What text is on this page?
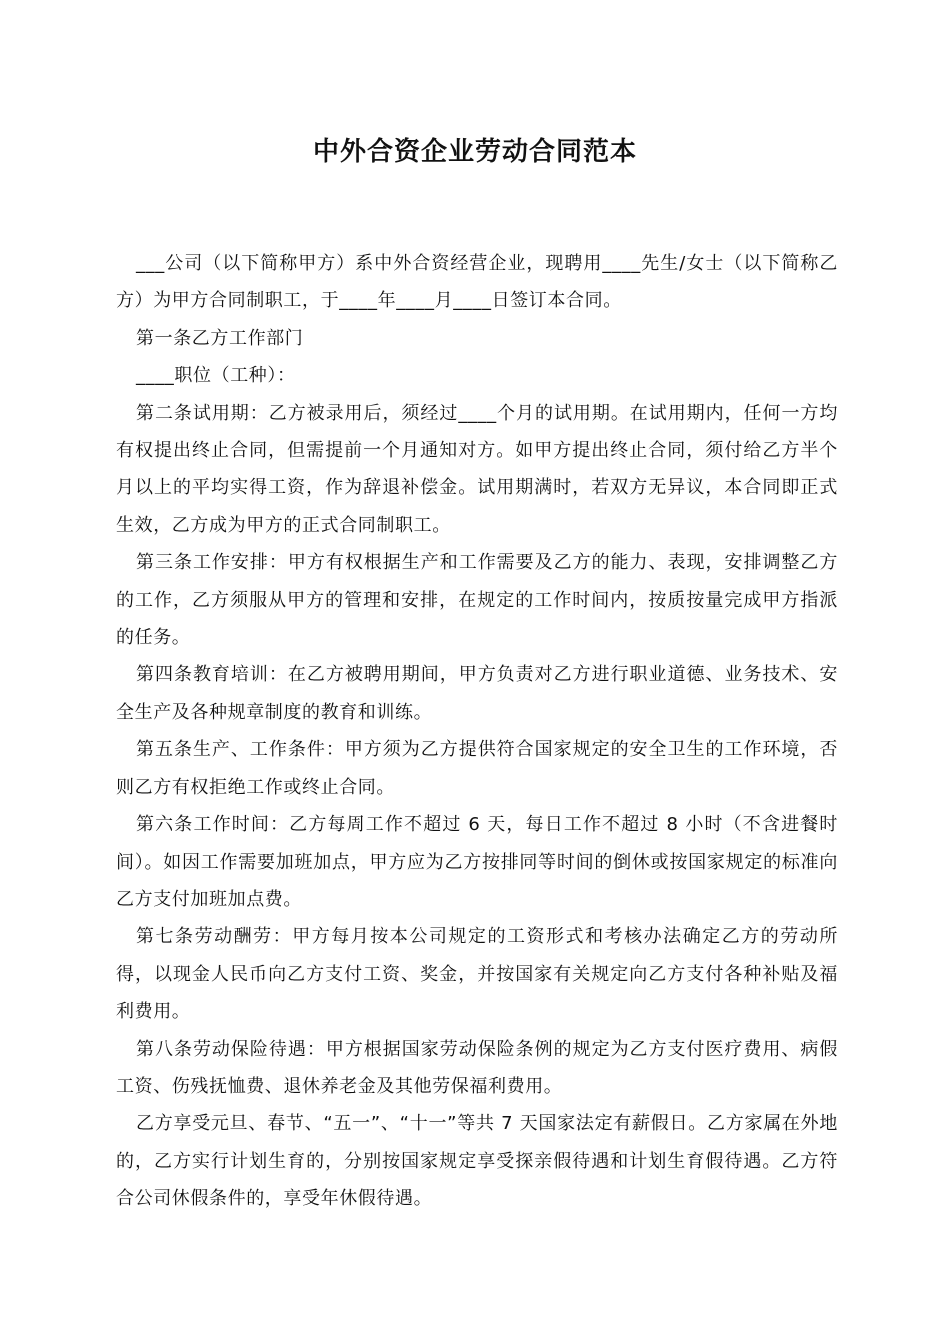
中外合资企业劳动合同范本

___公司（以下简称甲方）系中外合资经营企业，现聘用____先生/女士（以下简称乙方）为甲方合同制职工，于____年____月____日签订本合同。

第一条乙方工作部门

____职位（工种）：

第二条试用期：乙方被录用后，须经过____个月的试用期。在试用期内，任何一方均有权提出终止合同，但需提前一个月通知对方。如甲方提出终止合同，须付给乙方半个月以上的平均实得工资，作为辞退补偿金。试用期满时，若双方无异议，本合同即正式生效，乙方成为甲方的正式合同制职工。

第三条工作安排：甲方有权根据生产和工作需要及乙方的能力、表现，安排调整乙方的工作，乙方须服从甲方的管理和安排，在规定的工作时间内，按质按量完成甲方指派的任务。

第四条教育培训：在乙方被聘用期间，甲方负责对乙方进行职业道德、业务技术、安全生产及各种规章制度的教育和训练。

第五条生产、工作条件：甲方须为乙方提供符合国家规定的安全卫生的工作环境，否则乙方有权拒绝工作或终止合同。

第六条工作时间：乙方每周工作不超过 6 天，每日工作不超过 8 小时（不含进餐时间）。如因工作需要加班加点，甲方应为乙方按排同等时间的倒休或按国家规定的标准向乙方支付加班加点费。

第七条劳动酬劳：甲方每月按本公司规定的工资形式和考核办法确定乙方的劳动所得，以现金人民币向乙方支付工资、奖金，并按国家有关规定向乙方支付各种补贴及福利费用。

第八条劳动保险待遇：甲方根据国家劳动保险条例的规定为乙方支付医疗费用、病假工资、伤残抚恤费、退休养老金及其他劳保福利费用。

乙方享受元旦、春节、“五一”、“十一”等共 7 天国家法定有薪假日。乙方家属在外地的，乙方实行计划生育的，分别按国家规定享受探亲假待遇和计划生育假待遇。乙方符合公司休假条件的，享受年休假待遇。
